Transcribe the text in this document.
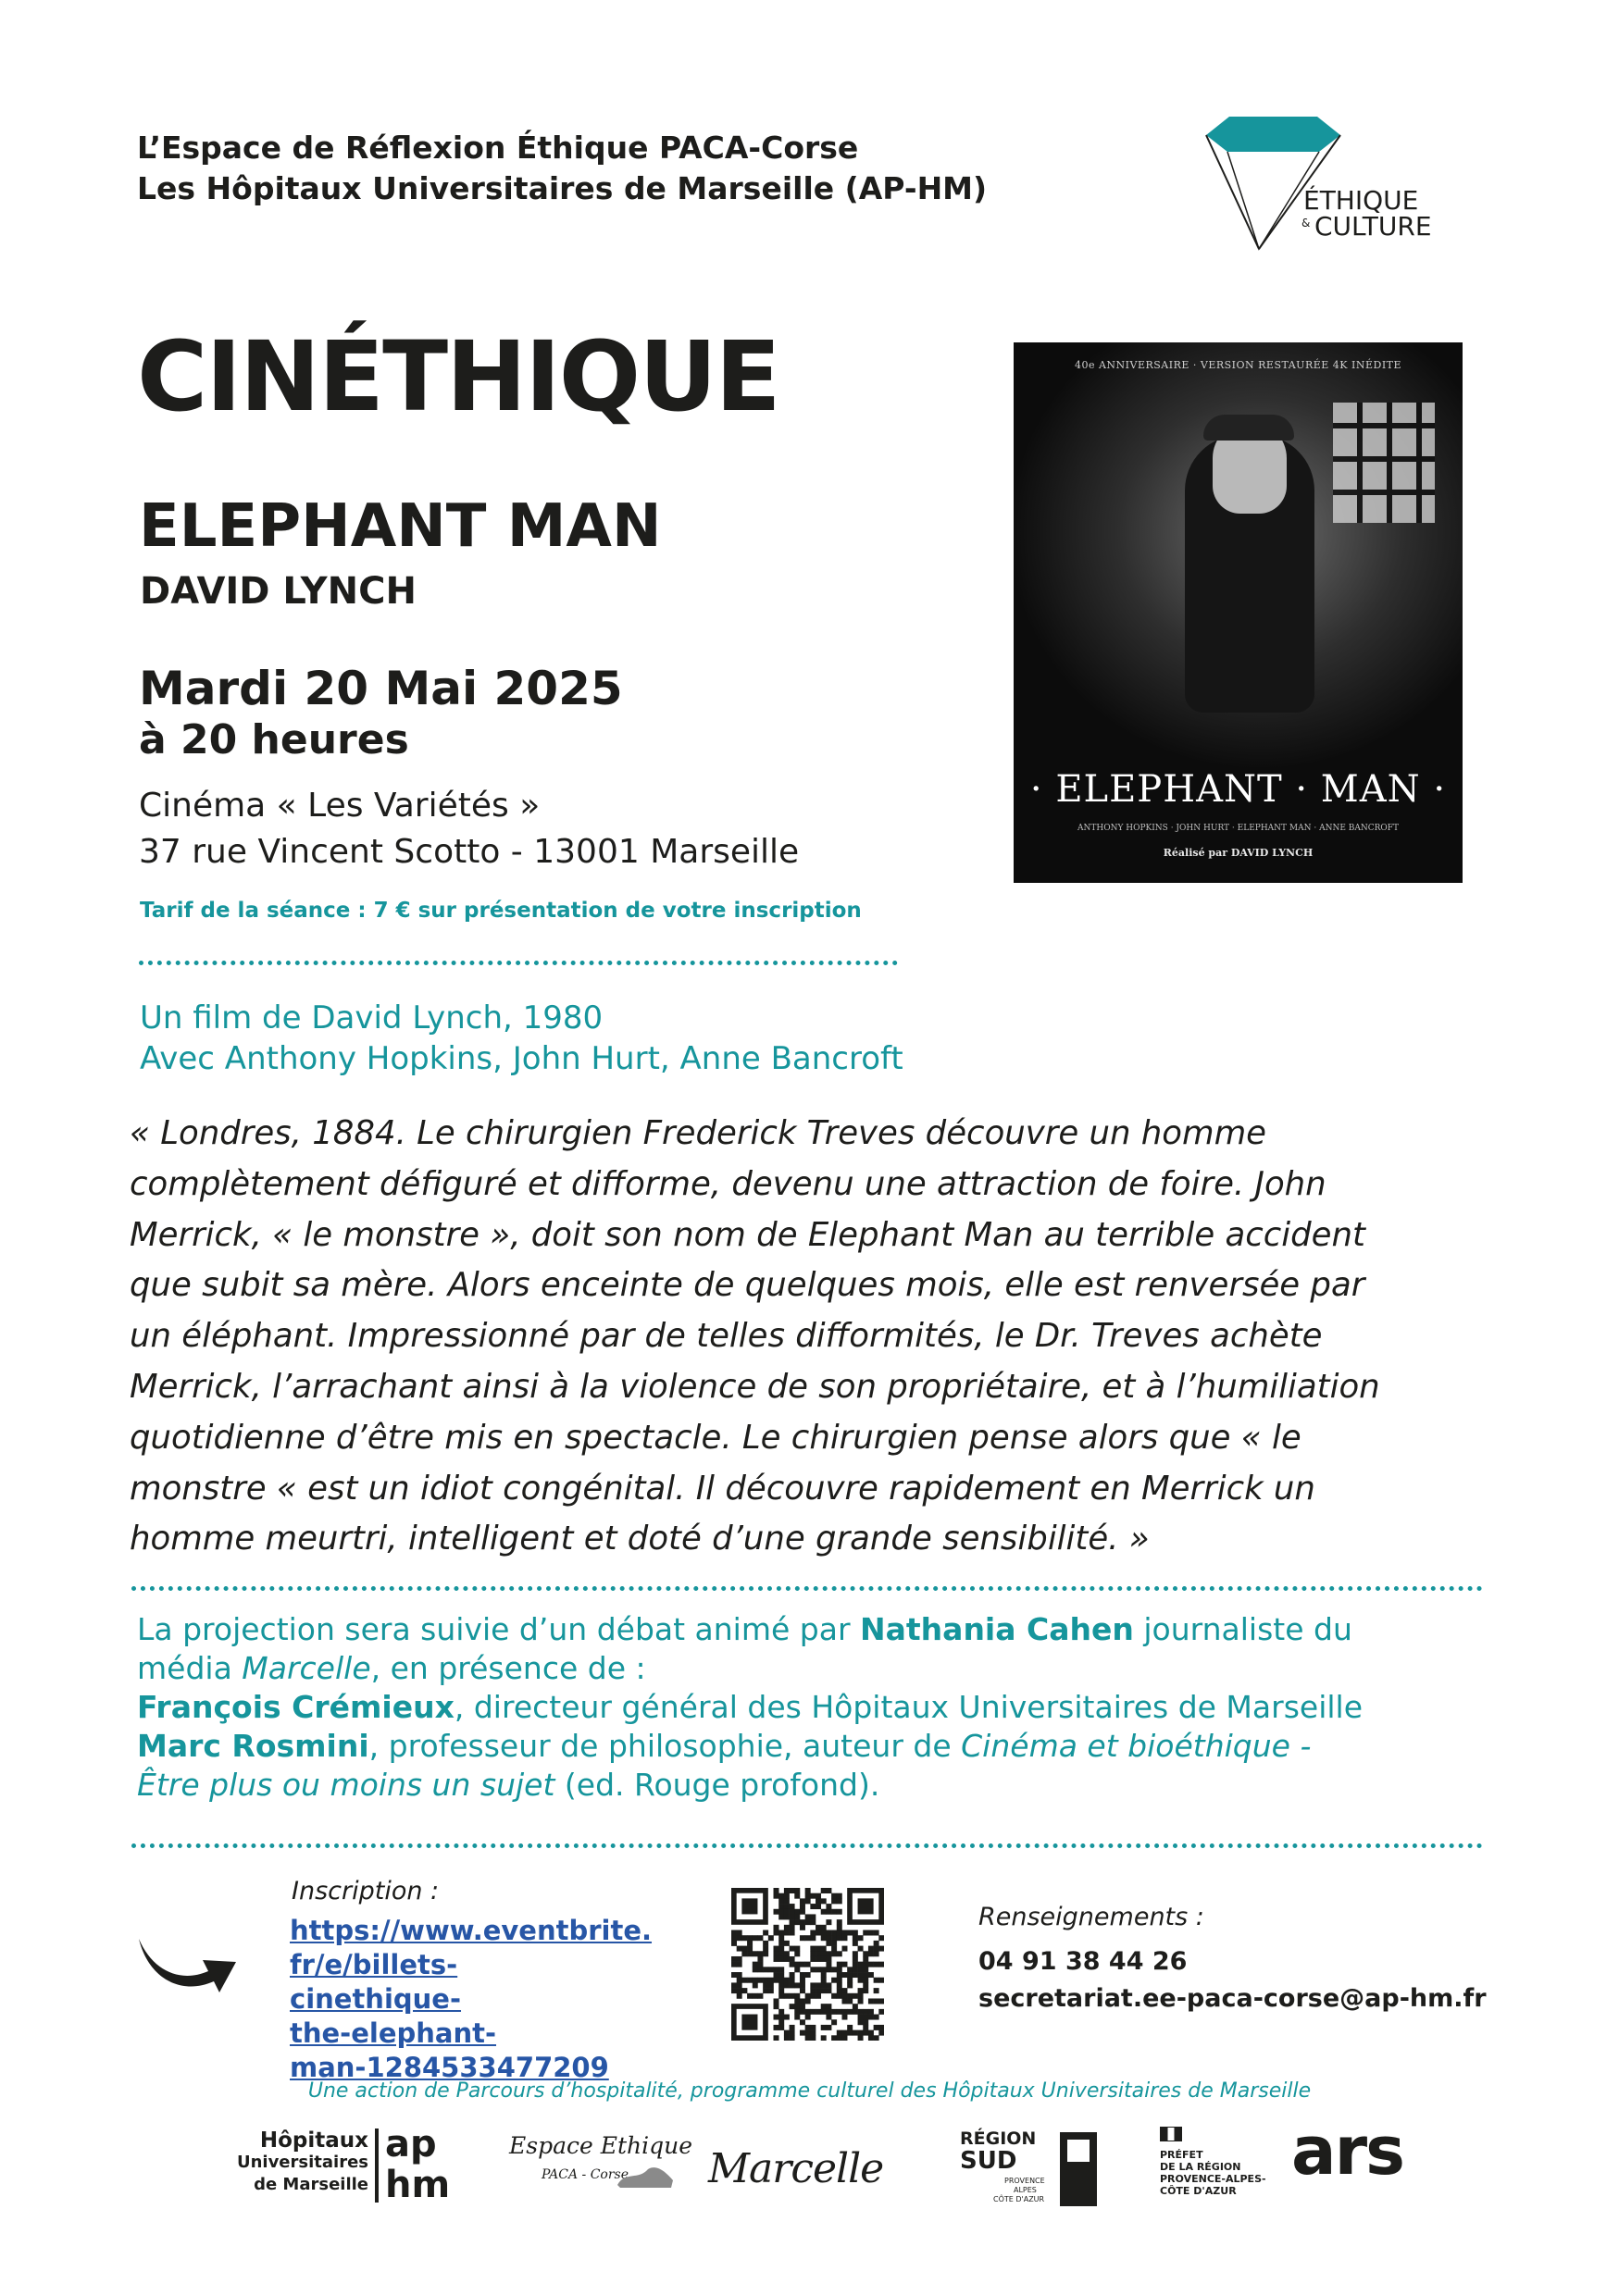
L’Espace de Réflexion Éthique PACA-Corse
Les Hôpitaux Universitaires de Marseille (AP-HM)	ÉTHIQUE
& CULTURE
CINÉTHIQUE
ELEPHANT MAN
DAVID LYNCH
Mardi 20 Mai 2025
à 20 heures
Cinéma « Les Variétés »
37 rue Vincent Scotto - 13001 Marseille
Tarif de la séance : 7 € sur présentation de votre inscription
40e ANNIVERSAIRE · VERSION RESTAURÉE 4K INÉDITE
· ELEPHANT · MAN ·
ANTHONY HOPKINS · JOHN HURT · ELEPHANT MAN · ANNE BANCROFT
Réalisé par DAVID LYNCH
Un film de David Lynch, 1980
Avec Anthony Hopkins, John Hurt, Anne Bancroft
« Londres, 1884. Le chirurgien Frederick Treves découvre un homme
complètement défiguré et difforme, devenu une attraction de foire. John
Merrick, « le monstre », doit son nom de Elephant Man au terrible accident
que subit sa mère. Alors enceinte de quelques mois, elle est renversée par
un éléphant. Impressionné par de telles difformités, le Dr. Treves achète
Merrick, l’arrachant ainsi à la violence de son propriétaire, et à l’humiliation
quotidienne d’être mis en spectacle. Le chirurgien pense alors que « le
monstre « est un idiot congénital. Il découvre rapidement en Merrick un
homme meurtri, intelligent et doté d’une grande sensibilité. »
La projection sera suivie d’un débat animé par Nathania Cahen journaliste du
média Marcelle, en présence de :
François Crémieux, directeur général des Hôpitaux Universitaires de Marseille
Marc Rosmini, professeur de philosophie, auteur de Cinéma et bioéthique -
Être plus ou moins un sujet (ed. Rouge profond).
Inscription :
https://www.eventbrite.
fr/e/billets-cinethique-
the-elephant-
man-1284533477209
Renseignements :
04 91 38 44 26
secretariat.ee-paca-corse@ap-hm.fr
Une action de Parcours d’hospitalité, programme culturel des Hôpitaux Universitaires de Marseille
Hôpitaux
Universitaires
de Marseille
ap
hm
Espace Ethique
PACA - Corse Marcelle
RÉGION
SUD
PROVENCE
ALPES
CÔTE D'AZUR
PRÉFET
DE LA RÉGION
PROVENCE-ALPES-
CÔTE D'AZUR
ars
